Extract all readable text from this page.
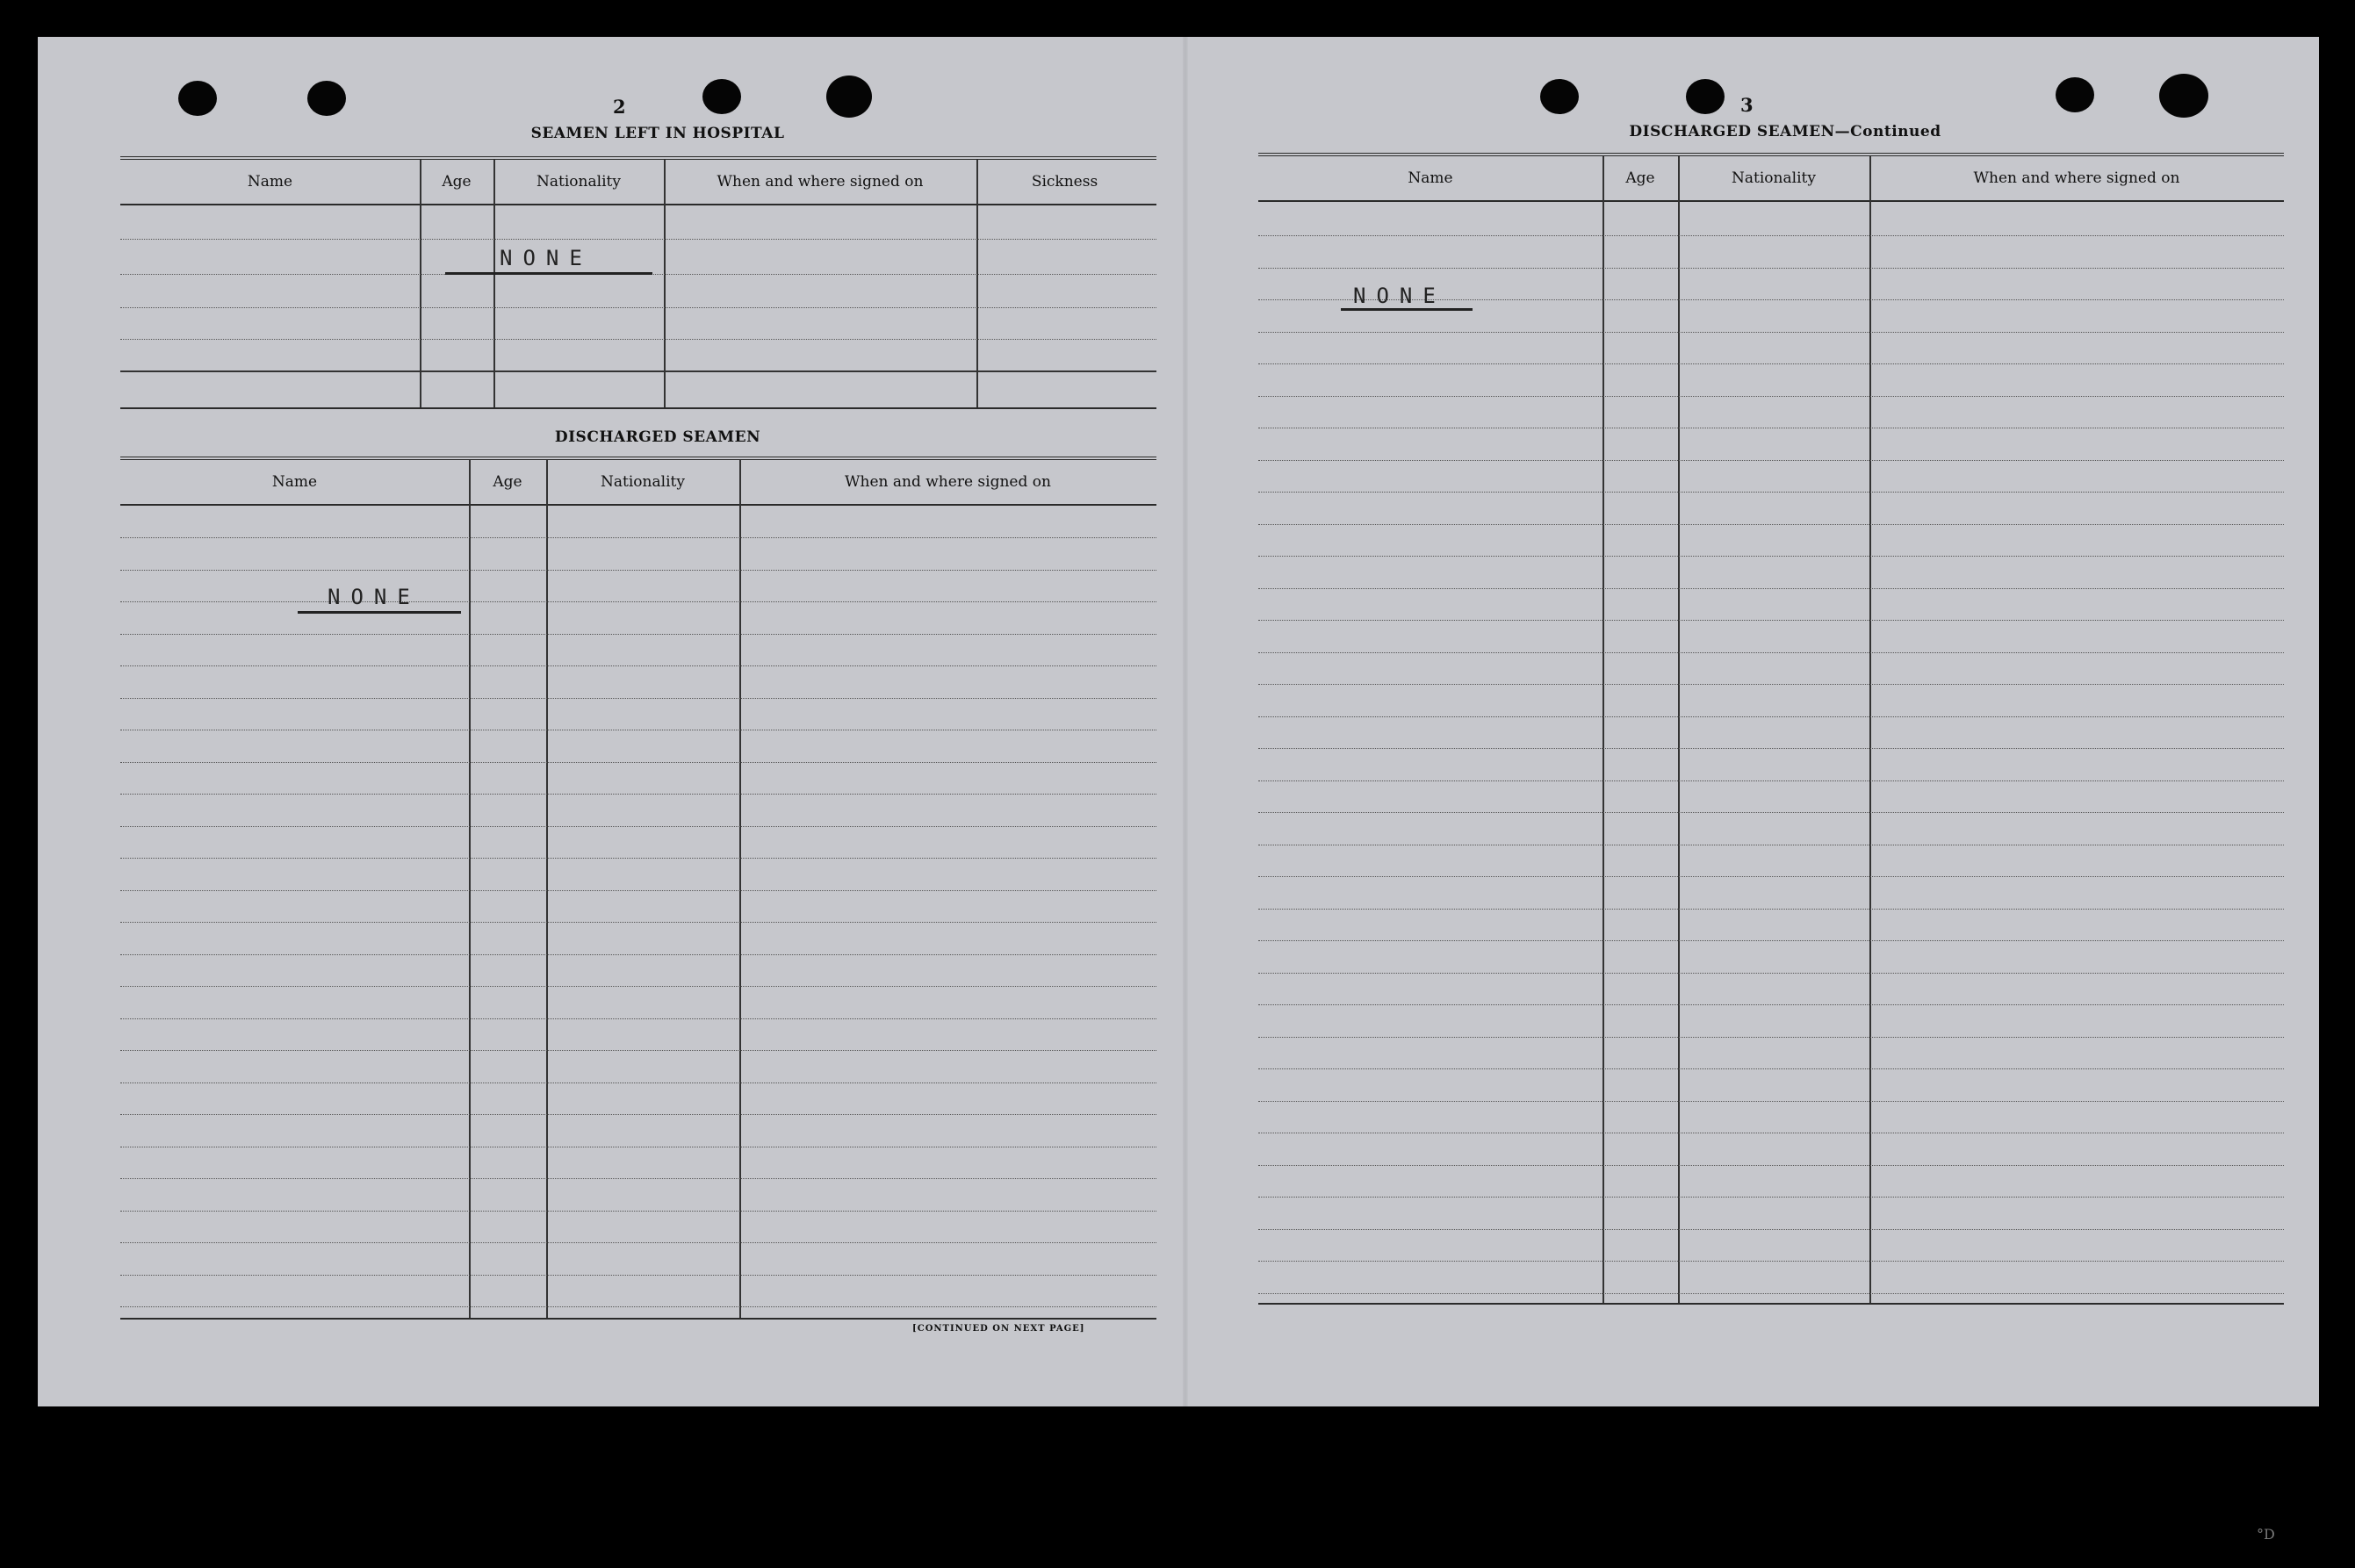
2
SEAMEN LEFT IN HOSPITAL
Name	Age	Nationality	When and where signed on	Sickness
NONE
DISCHARGED SEAMEN
Name	Age	Nationality	When and where signed on
NONE
[CONTINUED ON NEXT PAGE]
3
DISCHARGED SEAMEN—Continued
Name	Age	Nationality	When and where signed on
NONE
°D
